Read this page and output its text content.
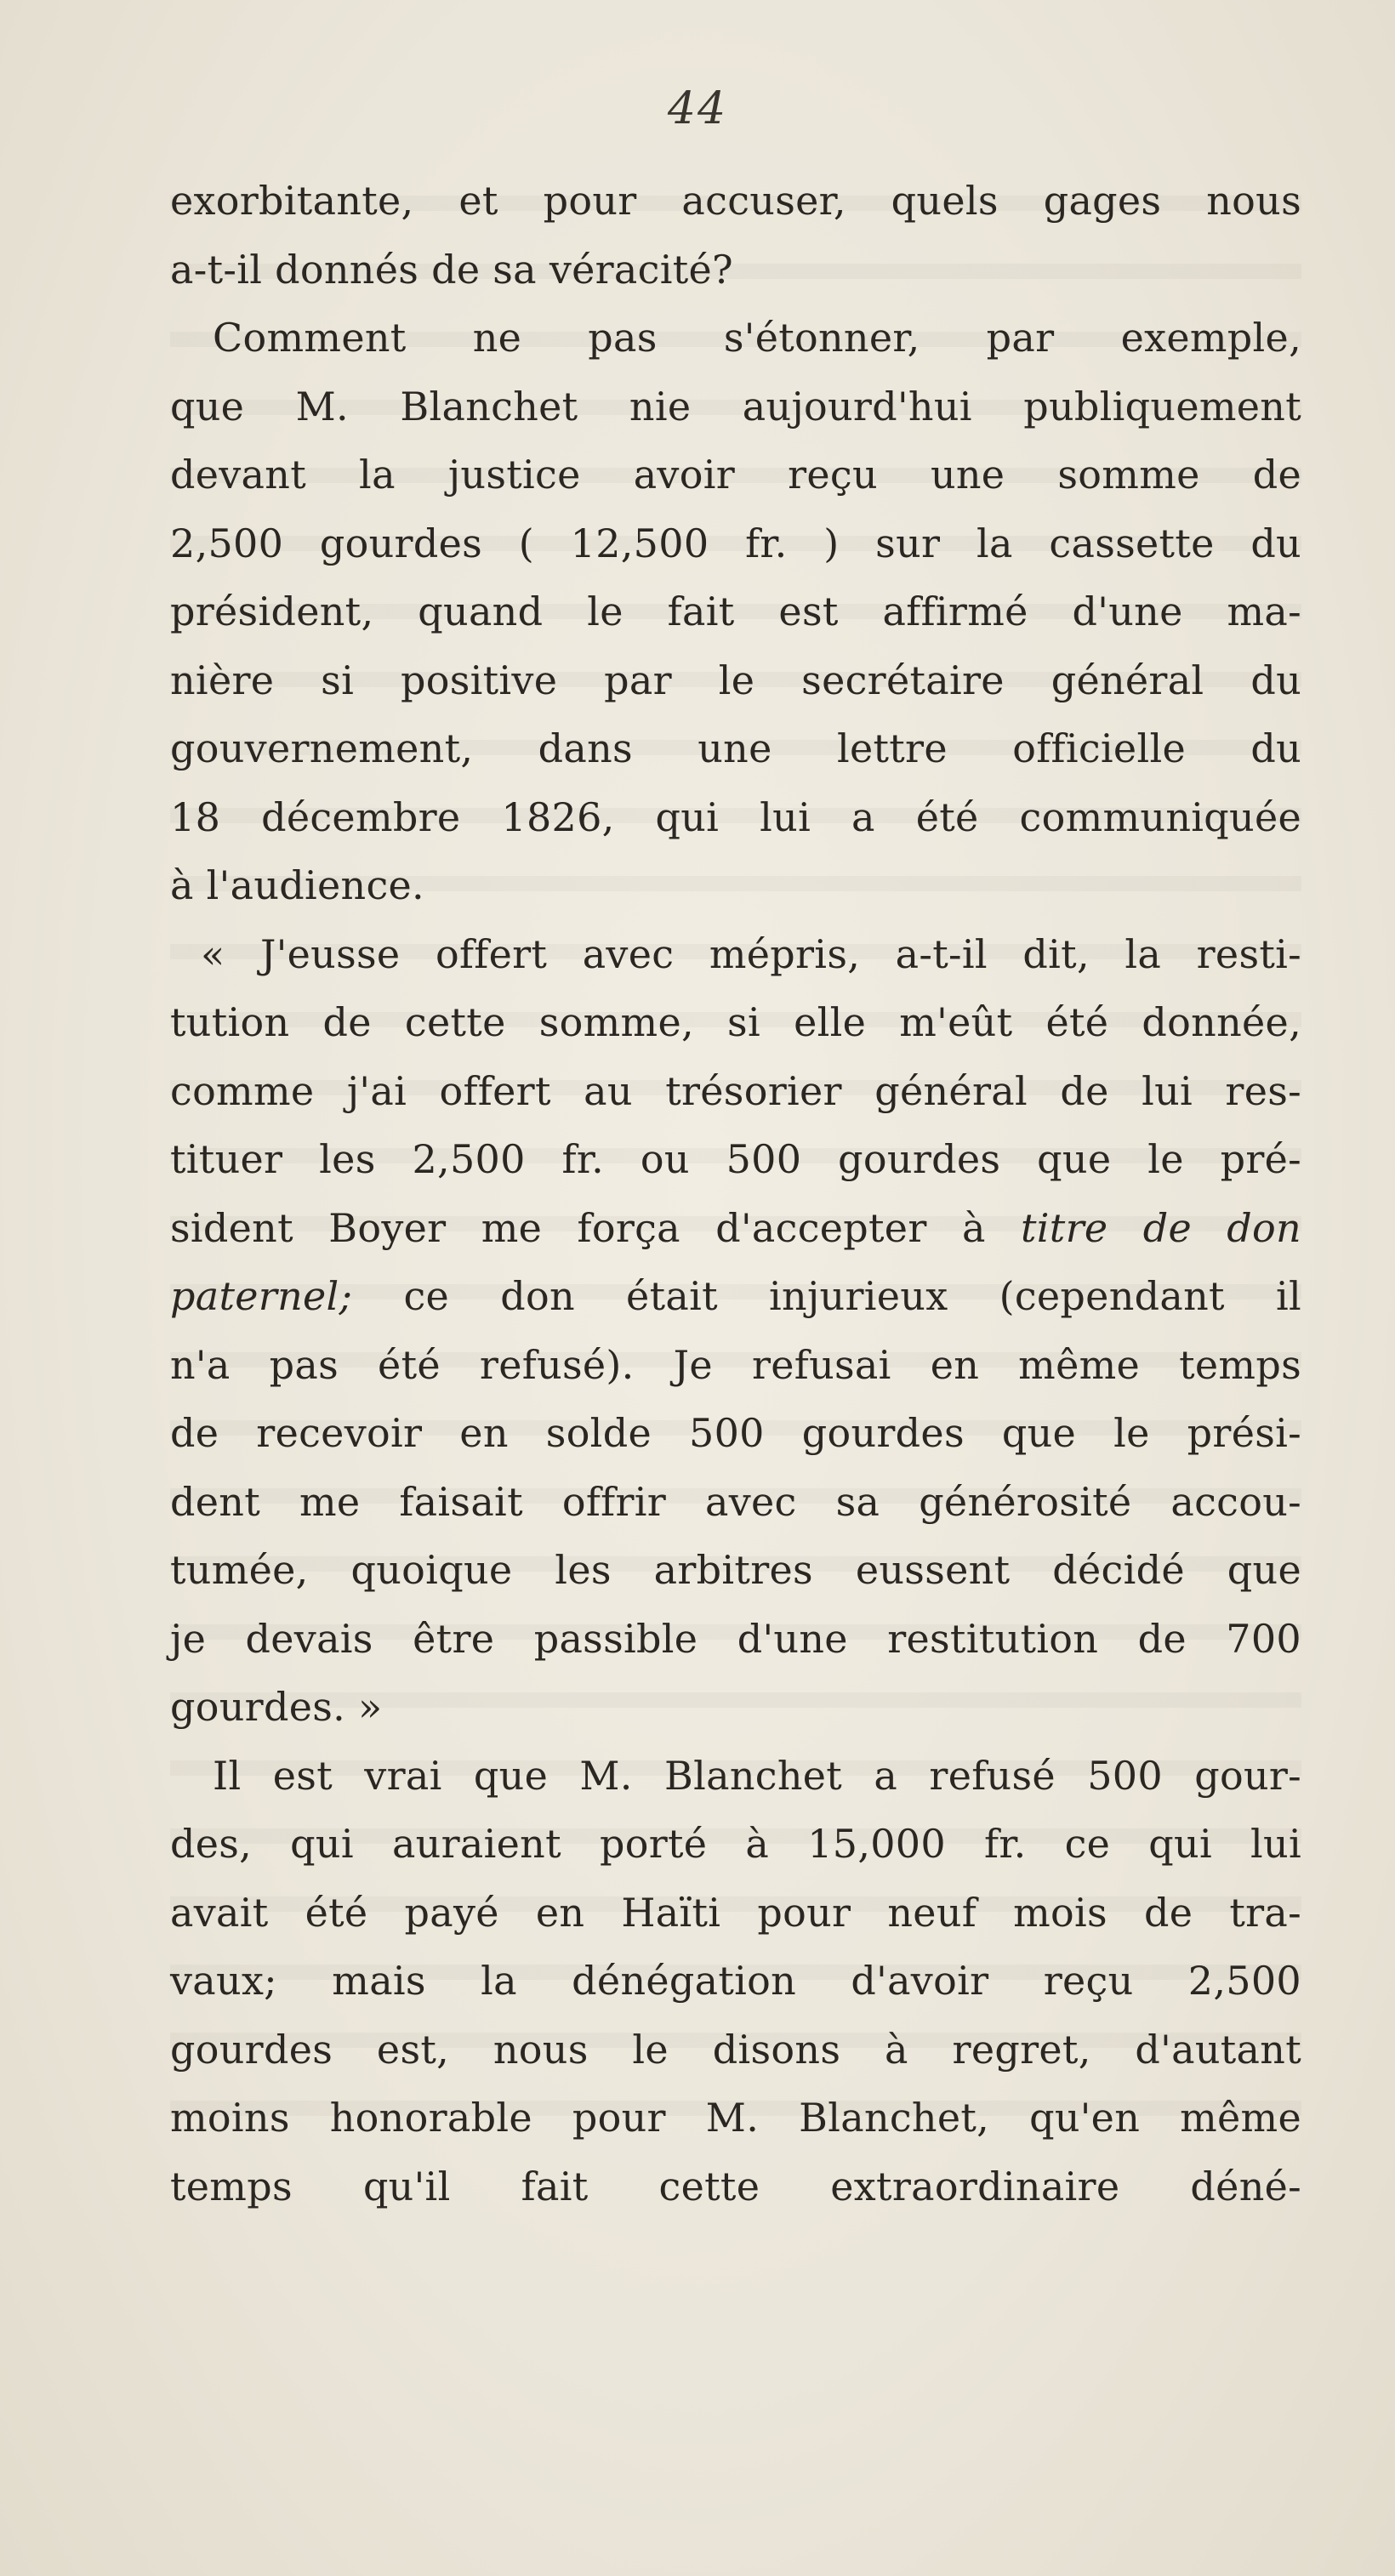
44
exorbitante, et pour accuser, quels gages nous
a-t-il donnés de sa véracité?
Comment ne pas s'étonner, par exemple,
que M. Blanchet nie aujourd'hui publiquement
devant la justice avoir reçu une somme de
2,500 gourdes ( 12,500 fr. ) sur la cassette du
président, quand le fait est affirmé d'une ma-
nière si positive par le secrétaire général du
gouvernement, dans une lettre officielle du
18 décembre 1826, qui lui a été communiquée
à l'audience.
« J'eusse offert avec mépris, a-t-il dit, la resti-
tution de cette somme, si elle m'eût été donnée,
comme j'ai offert au trésorier général de lui res-
tituer les 2,500 fr. ou 500 gourdes que le pré-
sident Boyer me força d'accepter à titre de don
paternel; ce don était injurieux (cependant il
n'a pas été refusé). Je refusai en même temps
de recevoir en solde 500 gourdes que le prési-
dent me faisait offrir avec sa générosité accou-
tumée, quoique les arbitres eussent décidé que
je devais être passible d'une restitution de 700
gourdes. »
Il est vrai que M. Blanchet a refusé 500 gour-
des, qui auraient porté à 15,000 fr. ce qui lui
avait été payé en Haïti pour neuf mois de tra-
vaux; mais la dénégation d'avoir reçu 2,500
gourdes est, nous le disons à regret, d'autant
moins honorable pour M. Blanchet, qu'en même
temps qu'il fait cette extraordinaire déné-
